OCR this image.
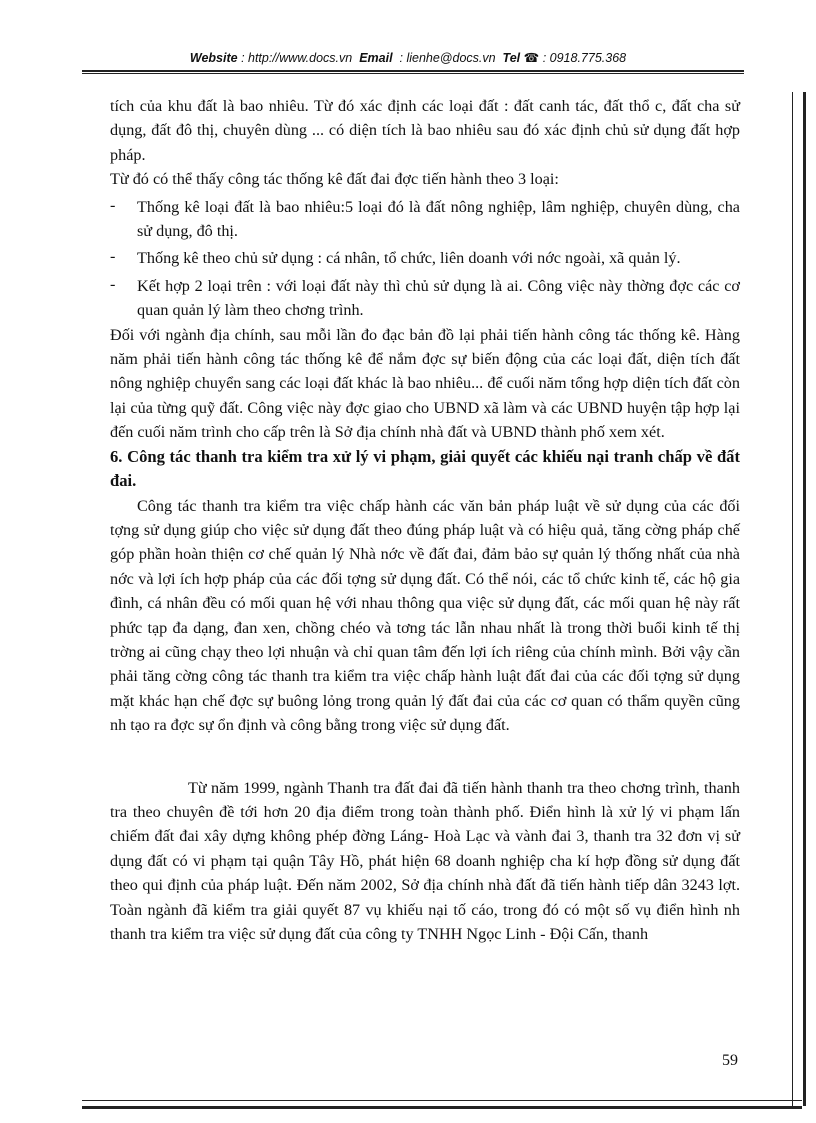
Website : http://www.docs.vn Email : lienhe@docs.vn Tel ☎ : 0918.775.368

tích của khu đất là bao nhiêu. Từ đó xác định các loại đất : đất canh tác, đất thổ c, đất cha sử dụng, đất đô thị, chuyên dùng ... có diện tích là bao nhiêu sau đó xác định chủ sử dụng đất hợp pháp.

Từ đó có thể thấy công tác thống kê đất đai đợc tiến hành theo 3 loại:

- Thống kê loại đất là bao nhiêu:5 loại đó là đất nông nghiệp, lâm nghiệp, chuyên dùng, cha sử dụng, đô thị.
- Thống kê theo chủ sử dụng : cá nhân, tổ chức, liên doanh với nớc ngoài, xã quản lý.
- Kết hợp 2 loại trên : với loại đất này thì chủ sử dụng là ai. Công việc này thờng đợc các cơ quan quản lý làm theo chơng trình.

Đối với ngành địa chính, sau mỗi lần đo đạc bản đồ lại phải tiến hành công tác thống kê. Hàng năm phải tiến hành công tác thống kê để nắm đợc sự biến động của các loại đất, diện tích đất nông nghiệp chuyển sang các loại đất khác là bao nhiêu... để cuối năm tổng hợp diện tích đất còn lại của từng quỹ đất. Công việc này đợc giao cho UBND xã làm và các UBND huyện tập hợp lại đến cuối năm trình cho cấp trên là Sở địa chính nhà đất và UBND thành phố xem xét.

6. Công tác thanh tra kiểm tra xử lý vi phạm, giải quyết các khiếu nại tranh chấp về đất đai.

Công tác thanh tra kiểm tra việc chấp hành các văn bản pháp luật về sử dụng của các đối tợng sử dụng giúp cho việc sử dụng đất theo đúng pháp luật và có hiệu quả, tăng cờng pháp chế góp phần hoàn thiện cơ chế quản lý Nhà nớc về đất đai, đảm bảo sự quản lý thống nhất của nhà nớc và lợi ích hợp pháp của các đối tợng sử dụng đất. Có thể nói, các tổ chức kinh tế, các hộ gia đình, cá nhân đều có mối quan hệ với nhau thông qua việc sử dụng đất, các mối quan hệ này rất phức tạp đa dạng, đan xen, chồng chéo và tơng tác lẫn nhau nhất là trong thời buổi kinh tế thị trờng ai cũng chạy theo lợi nhuận và chỉ quan tâm đến lợi ích riêng của chính mình. Bởi vậy cần phải tăng cờng công tác thanh tra kiểm tra việc chấp hành luật đất đai của các đối tợng sử dụng mặt khác hạn chế đợc sự buông lỏng trong quản lý đất đai của các cơ quan có thẩm quyền cũng nh tạo ra đợc sự ổn định và công bằng trong việc sử dụng đất.

Từ năm 1999, ngành Thanh tra đất đai đã tiến hành thanh tra theo chơng trình, thanh tra theo chuyên đề tới hơn 20 địa điểm trong toàn thành phố. Điển hình là xử lý vi phạm lấn chiếm đất đai xây dựng không phép đờng Láng- Hoà Lạc và vành đai 3, thanh tra 32 đơn vị sử dụng đất có vi phạm tại quận Tây Hồ, phát hiện 68 doanh nghiệp cha kí hợp đồng sử dụng đất theo qui định của pháp luật. Đến năm 2002, Sở địa chính nhà đất đã tiến hành tiếp dân 3243 lợt. Toàn ngành đã kiểm tra giải quyết 87 vụ khiếu nại tố cáo, trong đó có một số vụ điển hình nh thanh tra kiểm tra việc sử dụng đất của công ty TNHH Ngọc Linh - Đội Cấn, thanh

59
